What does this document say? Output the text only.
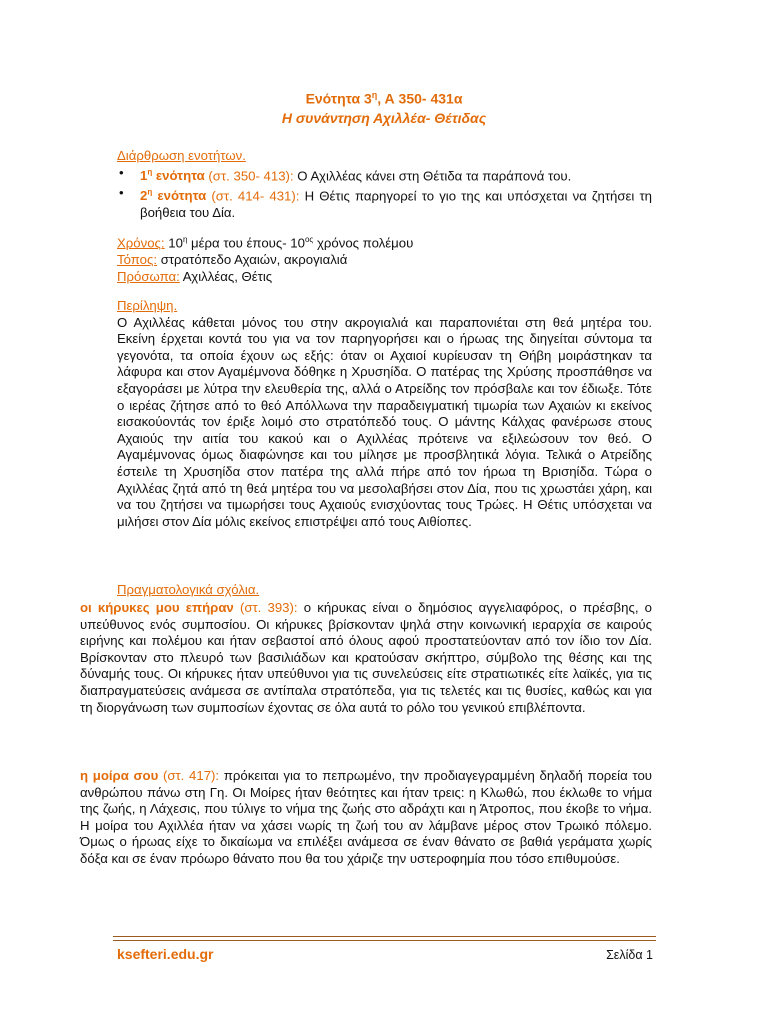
Ενότητα $3^\eta$, Α 350- 431α
Η συνάντηση Αχιλλέα- Θέτιδας
Διάρθρωση ενοτήτων.
• $1^\eta$ ενότητα (στ. 350- 413): Ο Αχιλλέας κάνει στη Θέτιδα τα παράπονά του.
• $2^\eta$ ενότητα (στ. 414- 431): Η Θέτις παρηγορεί το γιο της και υπόσχεται να ζητήσει τη βοήθεια του Δία.
Χρόνος: $10^\eta$ μέρα του έπους- $10^{o\varsigma}$ χρόνος πολέμου
Τόπος: στρατόπεδο Αχαιών, ακρογιαλιά
Πρόσωπα: Αχιλλέας, Θέτις
Περίληψη.
Ο Αχιλλέας κάθεται μόνος του στην ακρογιαλιά και παραπονιέται στη θεά μητέρα του. Εκείνη έρχεται κοντά του για να τον παρηγορήσει και ο ήρωας της διηγείται σύντομα τα γεγονότα, τα οποία έχουν ως εξής: όταν οι Αχαιοί κυρίευσαν τη Θήβη μοιράστηκαν τα λάφυρα και στον Αγαμέμνονα δόθηκε η Χρυσηίδα. Ο πατέρας της Χρύσης προσπάθησε να εξαγοράσει με λύτρα την ελευθερία της, αλλά ο Ατρείδης τον πρόσβαλε και τον έδιωξε. Τότε ο ιερέας ζήτησε από το θεό Απόλλωνα την παραδειγματική τιμωρία των Αχαιών κι εκείνος εισακούοντάς τον έριξε λοιμό στο στρατόπεδό τους. Ο μάντης Κάλχας φανέρωσε στους Αχαιούς την αιτία του κακού και ο Αχιλλέας πρότεινε να εξιλεώσουν τον θεό. Ο Αγαμέμνονας όμως διαφώνησε και του μίλησε με προσβλητικά λόγια. Τελικά ο Ατρείδης έστειλε τη Χρυσηίδα στον πατέρα της αλλά πήρε από τον ήρωα τη Βρισηίδα. Τώρα ο Αχιλλέας ζητά από τη θεά μητέρα του να μεσολαβήσει στον Δία, που τις χρωστάει χάρη, και να του ζητήσει να τιμωρήσει τους Αχαιούς ενισχύοντας τους Τρώες. Η Θέτις υπόσχεται να μιλήσει στον Δία μόλις εκείνος επιστρέψει από τους Αιθίοπες.
Πραγματολογικά σχόλια.
οι κήρυκες μου επήραν (στ. 393): ο κήρυκας είναι ο δημόσιος αγγελιαφόρος, ο πρέσβης, ο υπεύθυνος ενός συμποσίου. Οι κήρυκες βρίσκονταν ψηλά στην κοινωνική ιεραρχία σε καιρούς ειρήνης και πολέμου και ήταν σεβαστοί από όλους αφού προστατεύονταν από τον ίδιο τον Δία. Βρίσκονταν στο πλευρό των βασιλιάδων και κρατούσαν σκήπτρο, σύμβολο της θέσης και της δύναμής τους. Οι κήρυκες ήταν υπεύθυνοι για τις συνελεύσεις είτε στρατιωτικές είτε λαϊκές, για τις διαπραγματεύσεις ανάμεσα σε αντίπαλα στρατόπεδα, για τις τελετές και τις θυσίες, καθώς και για τη διοργάνωση των συμποσίων έχοντας σε όλα αυτά το ρόλο του γενικού επιβλέποντα.
η μοίρα σου (στ. 417): πρόκειται για το πεπρωμένο, την προδιαγεγραμμένη δηλαδή πορεία του ανθρώπου πάνω στη Γη. Οι Μοίρες ήταν θεότητες και ήταν τρεις: η Κλωθώ, που έκλωθε το νήμα της ζωής, η Λάχεσις, που τύλιγε το νήμα της ζωής στο αδράχτι και η Άτροπος, που έκοβε το νήμα. Η μοίρα του Αχιλλέα ήταν να χάσει νωρίς τη ζωή του αν λάμβανε μέρος στον Τρωικό πόλεμο. Όμως ο ήρωας είχε το δικαίωμα να επιλέξει ανάμεσα σε έναν θάνατο σε βαθιά γεράματα χωρίς δόξα και σε έναν πρόωρο θάνατο που θα του χάριζε την υστεροφημία που τόσο επιθυμούσε.
ksefteri.edu.gr	Σελίδα 1
